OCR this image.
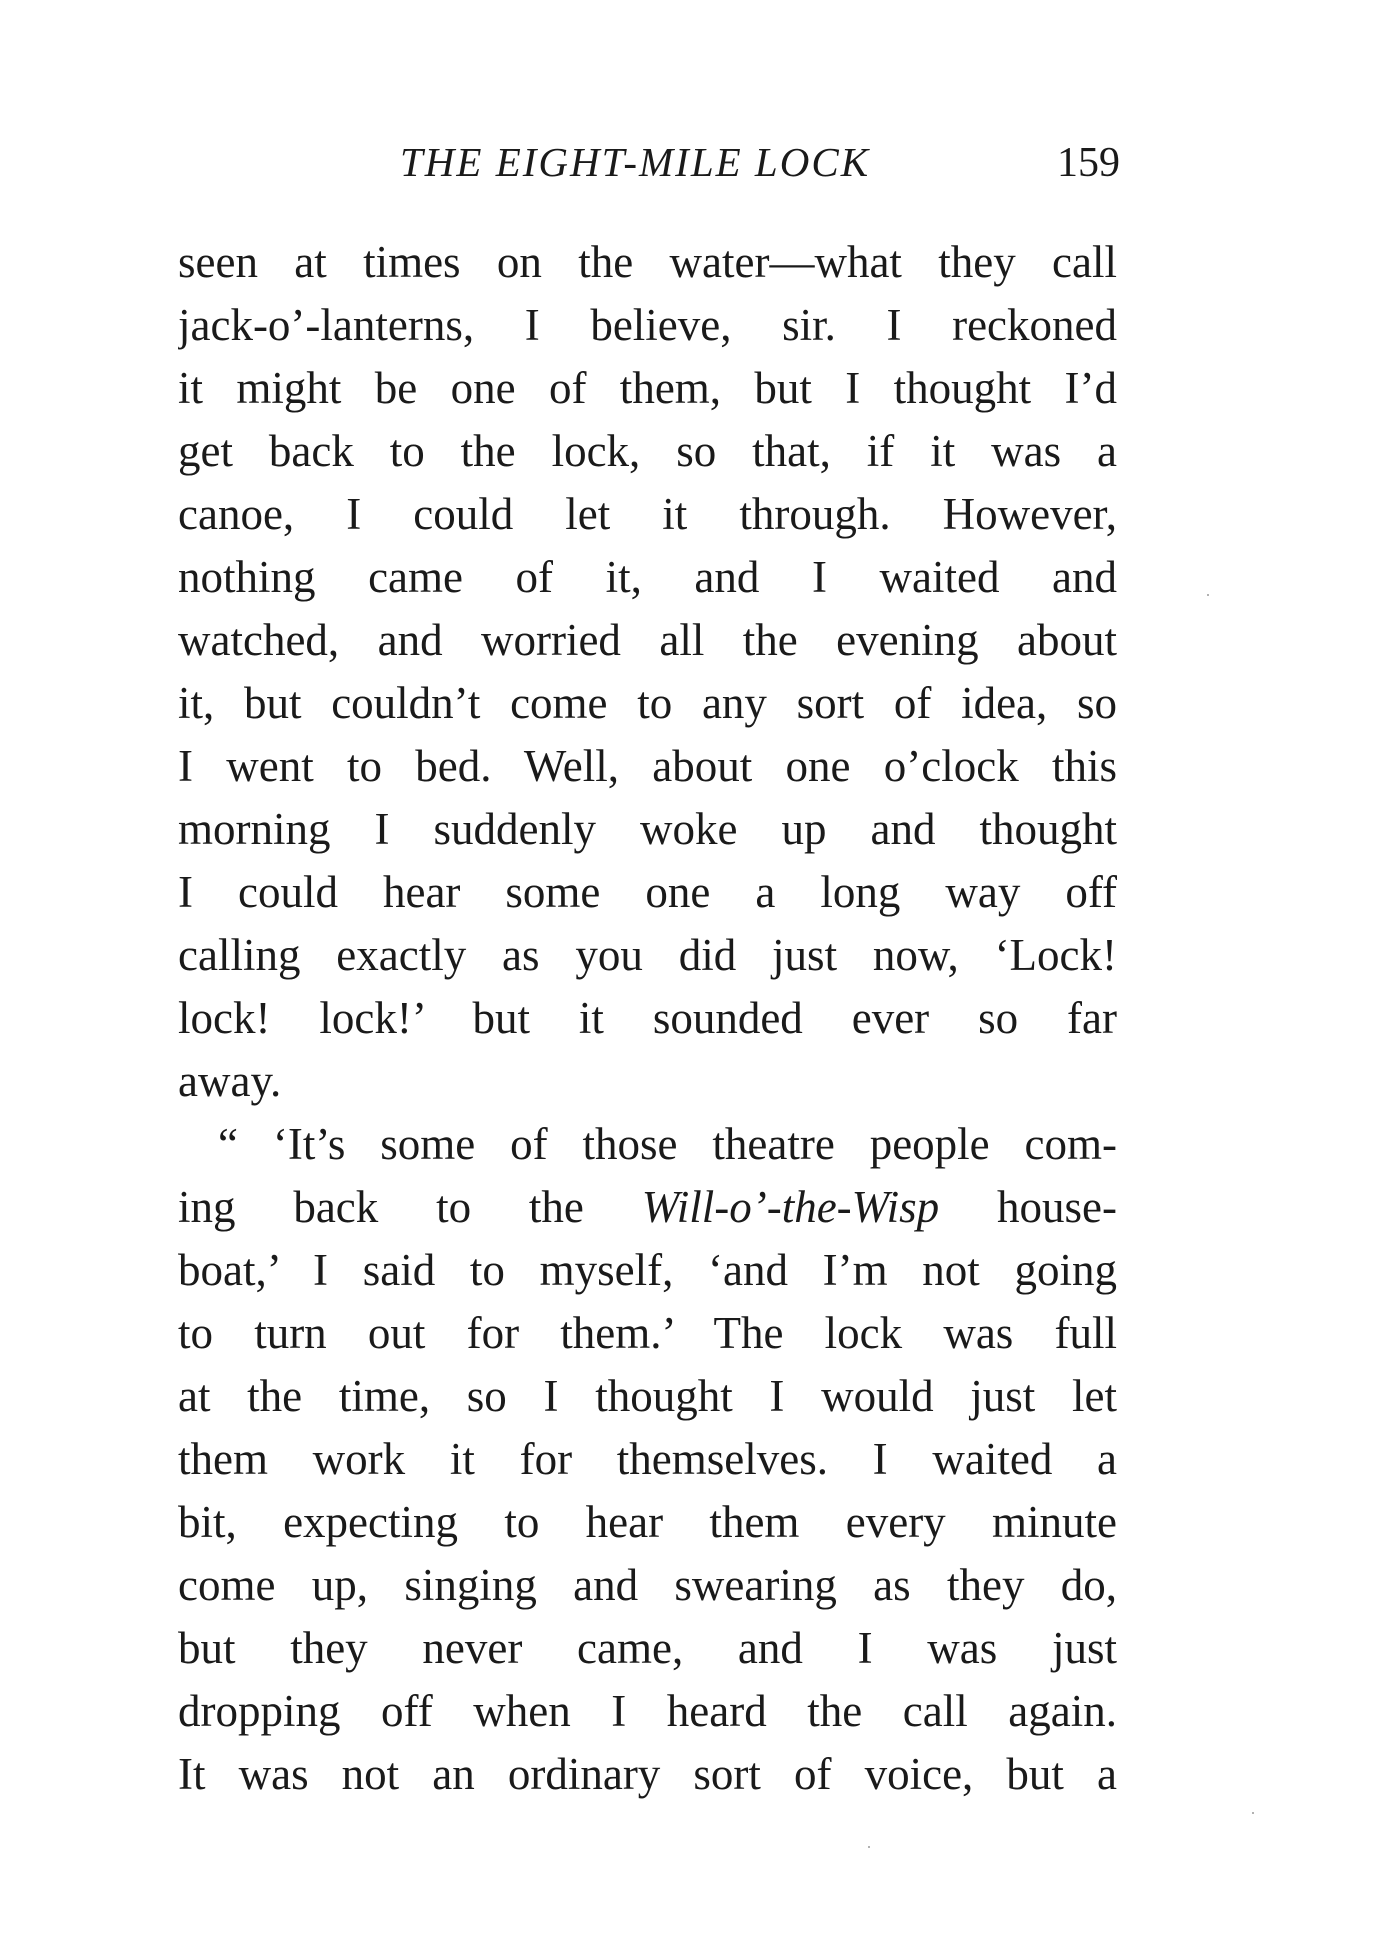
THE EIGHT-MILE LOCK	159
seen at times on the water—what they call
jack-o’-lanterns, I believe, sir. I reckoned
it might be one of them, but I thought I’d
get back to the lock, so that, if it was a
canoe, I could let it through. However,
nothing came of it, and I waited and
watched, and worried all the evening about
it, but couldn’t come to any sort of idea, so
I went to bed. Well, about one o’clock this
morning I suddenly woke up and thought
I could hear some one a long way off
calling exactly as you did just now, ‘Lock!
lock! lock!’ but it sounded ever so far
away.
“ ‘It’s some of those theatre people com-
ing back to the Will-o’-the-Wisp house-
boat,’ I said to myself, ‘and I’m not going
to turn out for them.’ The lock was full
at the time, so I thought I would just let
them work it for themselves. I waited a
bit, expecting to hear them every minute
come up, singing and swearing as they do,
but they never came, and I was just
dropping off when I heard the call again.
It was not an ordinary sort of voice, but a
